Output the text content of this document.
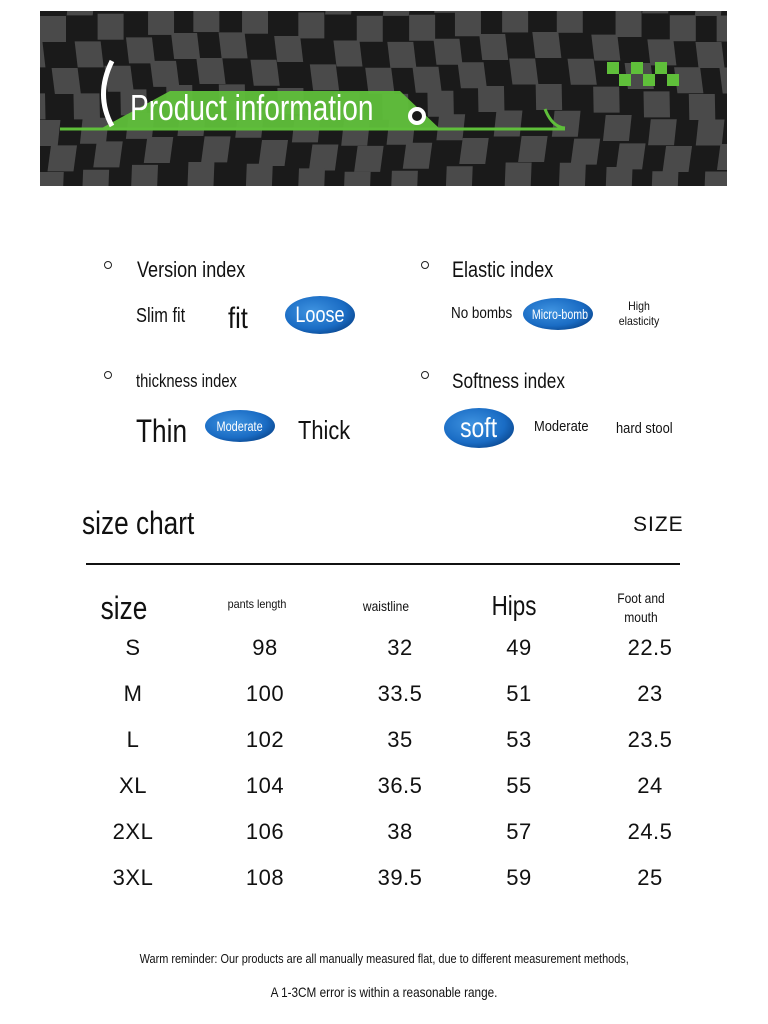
Product information
Version index
Slim fit fit	Loose
Elastic index
No bombs	Micro-bomb	High elasticity
thickness index
Thin	Moderate	Thick
Softness index
soft	Moderate hard stool
size chart	SIZE
size	pants length	waistline	Hips	Foot and mouth
S	98	32	49	22.5
M	100	33.5	51	23
L	102	35	53	23.5
XL	104	36.5	55	24
2XL	106	38	57	24.5
3XL	108	39.5	59	25
Warm reminder: Our products are all manually measured flat, due to different measurement methods,
A 1-3CM error is within a reasonable range.
